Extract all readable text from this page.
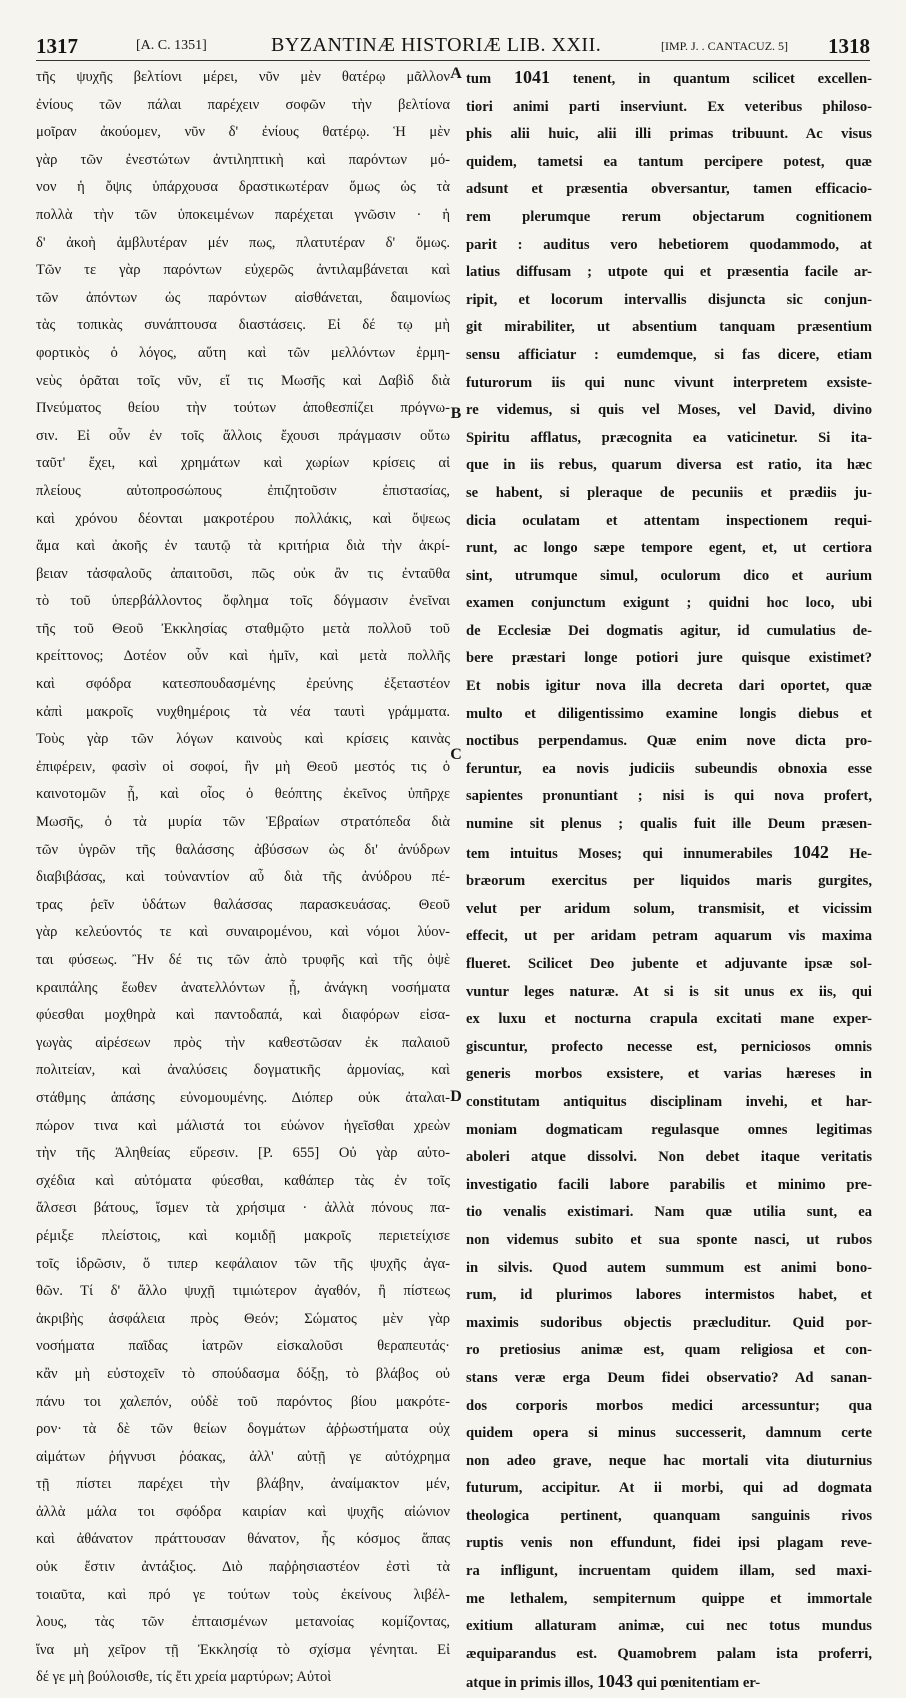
1317	[A. C. 1351]	BYZANTINÆ HISTORIÆ LIB. XXII.	[IMP. J. . CANTACUZ. 5] 1318
τῆς ψυχῆς βελτίονι μέρει, νῦν μὲν θατέρῳ μᾶλλον
ἐνίους τῶν πάλαι παρέχειν σοφῶν τὴν βελτίονα
μοῖραν ἀκούομεν, νῦν δ' ἐνίους θατέρῳ. Ἡ μὲν
γὰρ τῶν ἐνεστώτων ἀντιληπτικὴ καὶ παρόντων μό-
νον ἡ ὄψις ὑπάρχουσα δραστικωτέραν ὅμως ὡς τὰ
πολλὰ τὴν τῶν ὑποκειμένων παρέχεται γνῶσιν · ἡ
δ' ἀκοὴ ἀμβλυτέραν μέν πως, πλατυτέραν δ' ὅμως.
Τῶν τε γὰρ παρόντων εὐχερῶς ἀντιλαμβάνεται καὶ
τῶν ἀπόντων ὡς παρόντων αἰσθάνεται, δαιμονίως
τὰς τοπικὰς συνάπτουσα διαστάσεις. Εἰ δέ τῳ μὴ
φορτικὸς ὁ λόγος, αὕτη καὶ τῶν μελλόντων ἑρμη-
νεὺς ὁρᾶται τοῖς νῦν, εἴ τις Μωσῆς καὶ Δαβὶδ διὰ
Πνεύματος θείου τὴν τούτων ἀποθεσπίζει πρόγνω-
σιν. Εἰ οὖν ἐν τοῖς ἄλλοις ἔχουσι πράγμασιν οὕτω
ταῦτ' ἔχει, καὶ χρημάτων καὶ χωρίων κρίσεις αἱ
πλείους αὐτοπροσώπους ἐπιζητοῦσιν ἐπιστασίας,
καὶ χρόνου δέονται μακροτέρου πολλάκις, καὶ ὄψεως
ἅμα καὶ ἀκοῆς ἐν ταυτῷ τὰ κριτήρια διὰ τὴν ἀκρί-
βειαν τἀσφαλοῦς ἀπαιτοῦσι, πῶς οὐκ ἂν τις ἐνταῦθα
τὸ τοῦ ὑπερβάλλοντος ὄφλημα τοῖς δόγμασιν ἐνεῖναι
τῆς τοῦ Θεοῦ Ἐκκλησίας σταθμῷτο μετὰ πολλοῦ τοῦ
κρείττονος; Δοτέον οὖν καὶ ἡμῖν, καὶ μετὰ πολλῆς
καὶ σφόδρα κατεσπουδασμένης ἐρεύνης ἐξεταστέον
κἀπὶ μακροῖς νυχθημέροις τὰ νέα ταυτὶ γράμματα.
Τοὺς γὰρ τῶν λόγων καινοὺς καὶ κρίσεις καινὰς
ἐπιφέρειν, φασὶν οἱ σοφοί, ἢν μὴ Θεοῦ μεστός τις ὁ
καινοτομῶν ᾖ, καὶ οἷος ὁ θεόπτης ἐκεῖνος ὑπῆρχε
Μωσῆς, ὁ τὰ μυρία τῶν Ἑβραίων στρατόπεδα διὰ
τῶν ὑγρῶν τῆς θαλάσσης ἀβύσσων ὡς δι' ἀνύδρων
διαβιβάσας, καὶ τοὐναντίον αὖ διὰ τῆς ἀνύδρου πέ-
τρας ῥεῖν ὑδάτων θαλάσσας παρασκευάσας. Θεοῦ
γὰρ κελεύοντός τε καὶ συναιρομένου, καὶ νόμοι λύον-
ται φύσεως. Ἢν δέ τις τῶν ἀπὸ τρυφῆς καὶ τῆς ὀψὲ
κραιπάλης ἕωθεν ἀνατελλόντων ᾖ, ἀνάγκη νοσήματα
φύεσθαι μοχθηρὰ καὶ παντοδαπά, καὶ διαφόρων εἰσα-
γωγὰς αἱρέσεων πρὸς τὴν καθεστῶσαν ἐκ παλαιοῦ
πολιτείαν, καὶ ἀναλύσεις δογματικῆς ἁρμονίας, καὶ
στάθμης ἁπάσης εὐνομουμένης. Διόπερ οὐκ ἀταλαι-
πώρον τινα καὶ μάλιστά τοι εὐώνον ἡγεῖσθαι χρεὼν
τὴν τῆς Ἀληθείας εὕρεσιν. [P. 655] Οὐ γὰρ αὐτο-
σχέδια καὶ αὐτόματα φύεσθαι, καθάπερ τὰς ἐν τοῖς
ἄλσεσι βάτους, ἴσμεν τὰ χρήσιμα · ἀλλὰ πόνους πα-
ρέμιξε πλείστοις, καὶ κομιδῇ μακροῖς περιετείχισε
τοῖς ἱδρῶσιν, ὅ τιπερ κεφάλαιον τῶν τῆς ψυχῆς ἀγα-
θῶν. Τί δ' ἄλλο ψυχῇ τιμιώτερον ἀγαθόν, ἢ πίστεως
ἀκριβὴς ἀσφάλεια πρὸς Θεόν; Σώματος μὲν γὰρ
νοσήματα παῖδας ἰατρῶν εἰσκαλοῦσι θεραπευτάς·
κἂν μὴ εὐστοχεῖν τὸ σπούδασμα δόξῃ, τὸ βλάβος οὐ
πάνυ τοι χαλεπόν, οὐδὲ τοῦ παρόντος βίου μακρότε-
ρον· τὰ δὲ τῶν θείων δογμάτων ἀῤῥωστήματα οὐχ
αἱμάτων ῥήγνυσι ῥόακας, ἀλλ' αὐτῇ γε αὐτόχρημα
τῇ πίστει παρέχει τὴν βλάβην, ἀναίμακτον μέν,
ἀλλὰ μάλα τοι σφόδρα καιρίαν καὶ ψυχῆς αἰώνιον
καὶ ἀθάνατον πράττουσαν θάνατον, ἧς κόσμος ἅπας
οὐκ ἔστιν ἀντάξιος. Διὸ παῤῥησιαστέον ἐστὶ τὰ
τοιαῦτα, καὶ πρό γε τούτων τοὺς ἐκείνους λιβέλ-
λους, τὰς τῶν ἐπταισμένων μετανοίας κομίζοντας,
ἵνα μὴ χεῖρον τῇ Ἐκκλησίᾳ τὸ σχίσμα γένηται. Εἰ
δέ γε μὴ βούλοισθε, τίς ἔτι χρεία μαρτύρων; Αὐτοὶ
tum 1041 tenent, in quantum scilicet excellen-
tiori animi parti inserviunt. Ex veteribus philoso-
phis alii huic, alii illi primas tribuunt. Ac visus
quidem, tametsi ea tantum percipere potest, quæ
adsunt et præsentia obversantur, tamen efficacio-
rem plerumque rerum objectarum cognitionem
parit : auditus vero hebetiorem quodammodo, at
latius diffusam ; utpote qui et præsentia facile ar-
ripit, et locorum intervallis disjuncta sic conjun-
git mirabiliter, ut absentium tanquam præsentium
sensu afficiatur : eumdemque, si fas dicere, etiam
futurorum iis qui nunc vivunt interpretem exsiste-
re videmus, si quis vel Moses, vel David, divino
Spiritu afflatus, præcognita ea vaticinetur. Si ita-
que in iis rebus, quarum diversa est ratio, ita hæc
se habent, si pleraque de pecuniis et prædiis ju-
dicia oculatam et attentam inspectionem requi-
runt, ac longo sæpe tempore egent, et, ut certiora
sint, utrumque simul, oculorum dico et aurium
examen conjunctum exigunt ; quidni hoc loco, ubi
de Ecclesiæ Dei dogmatis agitur, id cumulatius de-
bere præstari longe potiori jure quisque existimet?
Et nobis igitur nova illa decreta dari oportet, quæ
multo et diligentissimo examine longis diebus et
noctibus perpendamus. Quæ enim nove dicta pro-
feruntur, ea novis judiciis subeundis obnoxia esse
sapientes pronuntiant ; nisi is qui nova profert,
numine sit plenus ; qualis fuit ille Deum præsen-
tem intuitus Moses; qui innumerabiles 1042 He-
bræorum exercitus per liquidos maris gurgites,
velut per aridum solum, transmisit, et vicissim
effecit, ut per aridam petram aquarum vis maxima
flueret. Scilicet Deo jubente et adjuvante ipsæ sol-
vuntur leges naturæ. At si is sit unus ex iis, qui
ex luxu et nocturna crapula excitati mane exper-
giscuntur, profecto necesse est, perniciosos omnis
generis morbos exsistere, et varias hæreses in
constitutam antiquitus disciplinam invehi, et har-
moniam dogmaticam regulasque omnes legitimas
aboleri atque dissolvi. Non debet itaque veritatis
investigatio facili labore parabilis et minimo pre-
tio venalis existimari. Nam quæ utilia sunt, ea
non videmus subito et sua sponte nasci, ut rubos
in silvis. Quod autem summum est animi bono-
rum, id plurimos labores intermistos habet, et
maximis sudoribus objectis præcluditur. Quid por-
ro pretiosius animæ est, quam religiosa et con-
stans veræ erga Deum fidei observatio? Ad sanan-
dos corporis morbos medici arcessuntur; qua
quidem opera si minus successerit, damnum certe
non adeo grave, neque hac mortali vita diuturnius
futurum, accipitur. At ii morbi, qui ad dogmata
theologica pertinent, quanquam sanguinis rivos
ruptis venis non effundunt, fidei ipsi plagam reve-
ra infligunt, incruentam quidem illam, sed maxi-
me lethalem, sempiternum quippe et immortale
exitium allaturam animæ, cui nec totus mundus
æquiparandus est. Quamobrem palam ista proferri,
atque in primis illos, 1043 qui pœnitentiam er-
A
B
C
D
